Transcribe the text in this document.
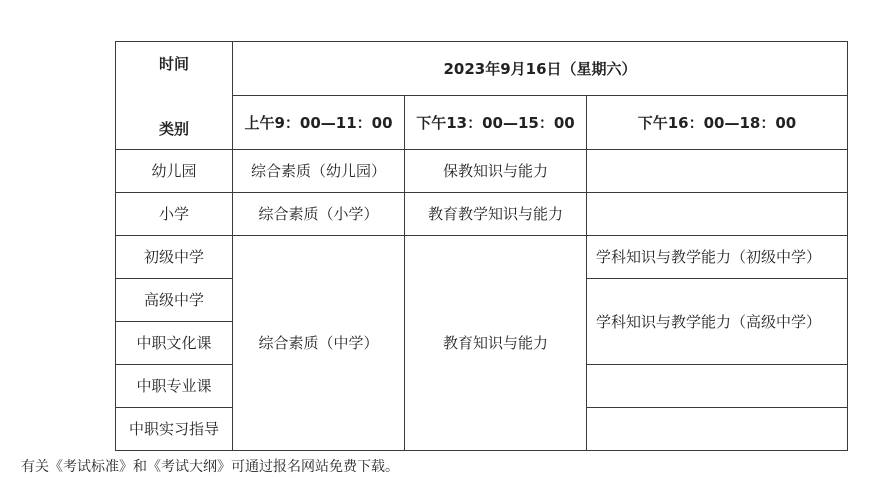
时间
类别	2023年9月16日（星期六）		
	上午9：00—11：00	下午13：00—15：00	下午16：00—18：00
幼儿园	综合素质（幼儿园）	保教知识与能力	
小学	综合素质（小学）	教育教学知识与能力	
初级中学	综合素质（中学）	教育知识与能力	学科知识与教学能力（初级中学）
高级中学			学科知识与教学能力（高级中学）
中职文化课			
中职专业课			
中职实习指导			
有关《考试标准》和《考试大纲》可通过报名网站免费下载。
